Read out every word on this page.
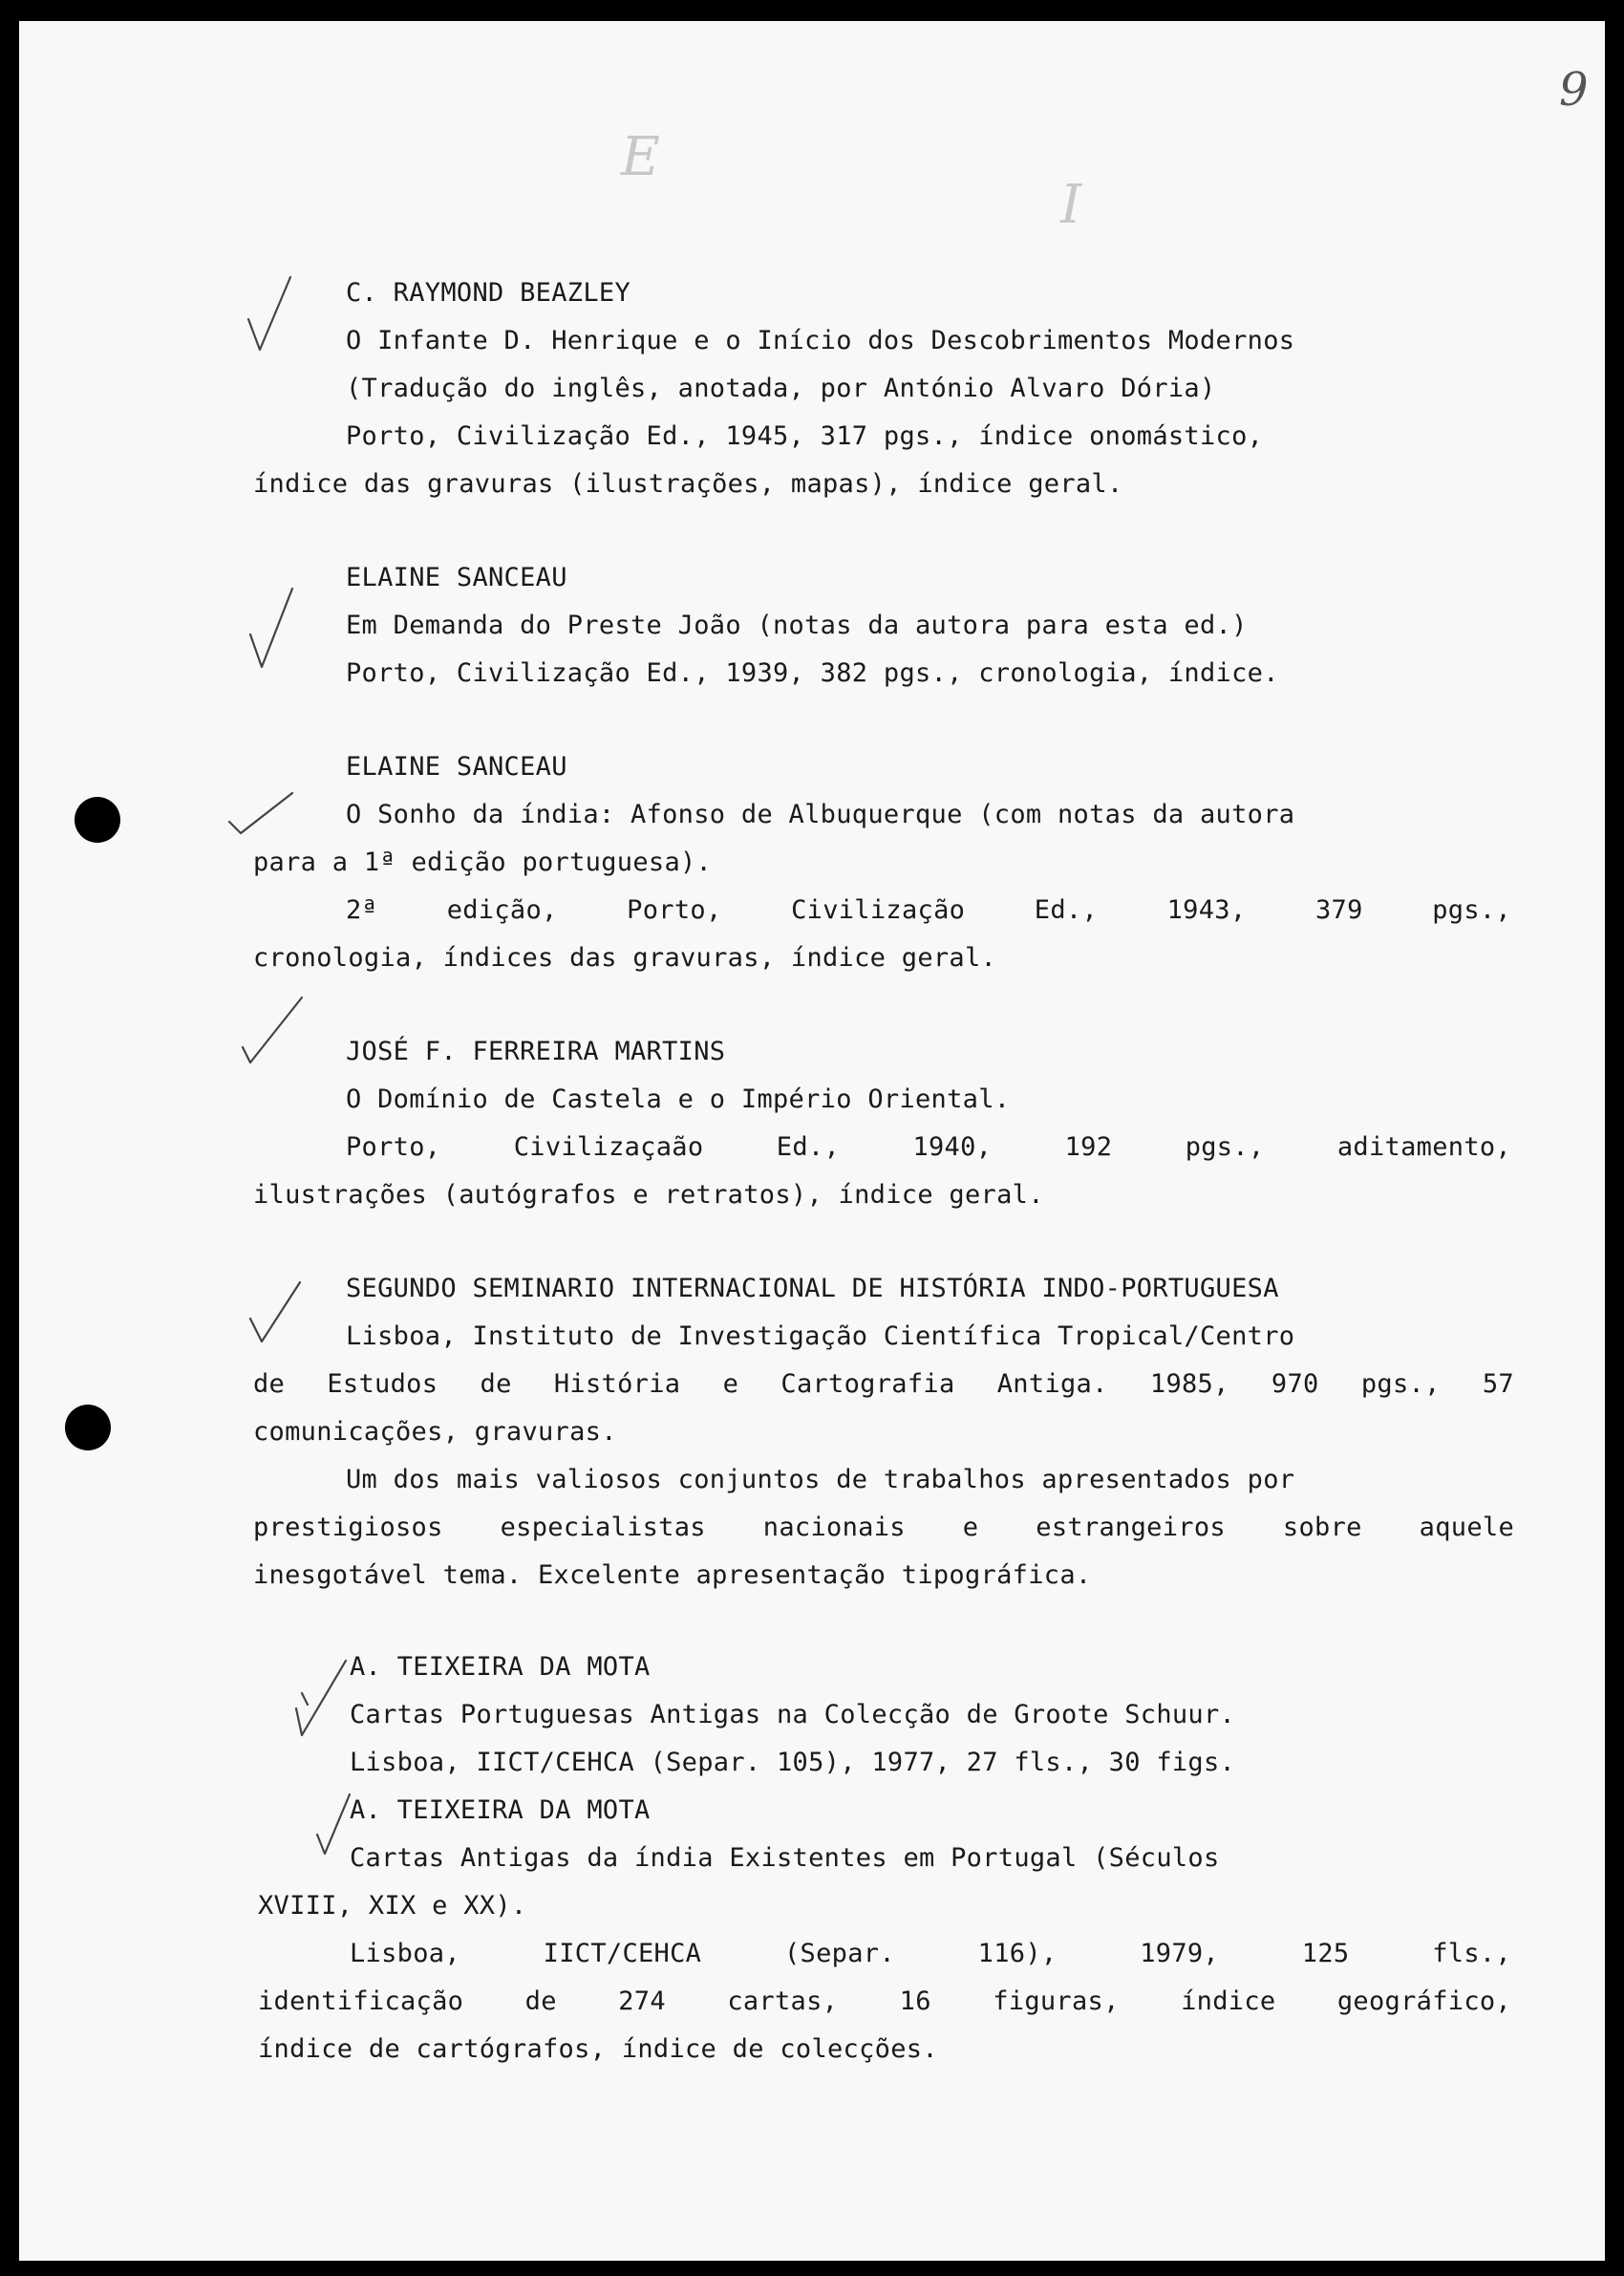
9
E
I
C. RAYMOND BEAZLEY
O Infante D. Henrique e o Início dos Descobrimentos Modernos
(Tradução do inglês, anotada, por António Alvaro Dória)
Porto, Civilização Ed., 1945, 317 pgs., índice onomástico,
índice das gravuras (ilustrações, mapas), índice geral.
ELAINE SANCEAU
Em Demanda do Preste João (notas da autora para esta ed.)
Porto, Civilização Ed., 1939, 382 pgs., cronologia, índice.
ELAINE SANCEAU
O Sonho da índia: Afonso de Albuquerque (com notas da autora
para a 1ª edição portuguesa).
2ª edição, Porto, Civilização Ed., 1943, 379 pgs.,
cronologia, índices das gravuras, índice geral.
JOSÉ F. FERREIRA MARTINS
O Domínio de Castela e o Império Oriental.
Porto, Civilizaçaão Ed., 1940, 192 pgs., aditamento,
ilustrações (autógrafos e retratos), índice geral.
SEGUNDO SEMINARIO INTERNACIONAL DE HISTÓRIA INDO-PORTUGUESA
Lisboa, Instituto de Investigação Científica Tropical/Centro
de Estudos de História e Cartografia Antiga. 1985, 970 pgs., 57
comunicações, gravuras.
Um dos mais valiosos conjuntos de trabalhos apresentados por
prestigiosos especialistas nacionais e estrangeiros sobre aquele
inesgotável tema. Excelente apresentação tipográfica.
A. TEIXEIRA DA MOTA
Cartas Portuguesas Antigas na Colecção de Groote Schuur.
Lisboa, IICT/CEHCA (Separ. 105), 1977, 27 fls., 30 figs.
A. TEIXEIRA DA MOTA
Cartas Antigas da índia Existentes em Portugal (Séculos
XVIII, XIX e XX).
Lisboa, IICT/CEHCA (Separ. 116), 1979, 125 fls.,
identificação de 274 cartas, 16 figuras, índice geográfico,
índice de cartógrafos, índice de colecções.
